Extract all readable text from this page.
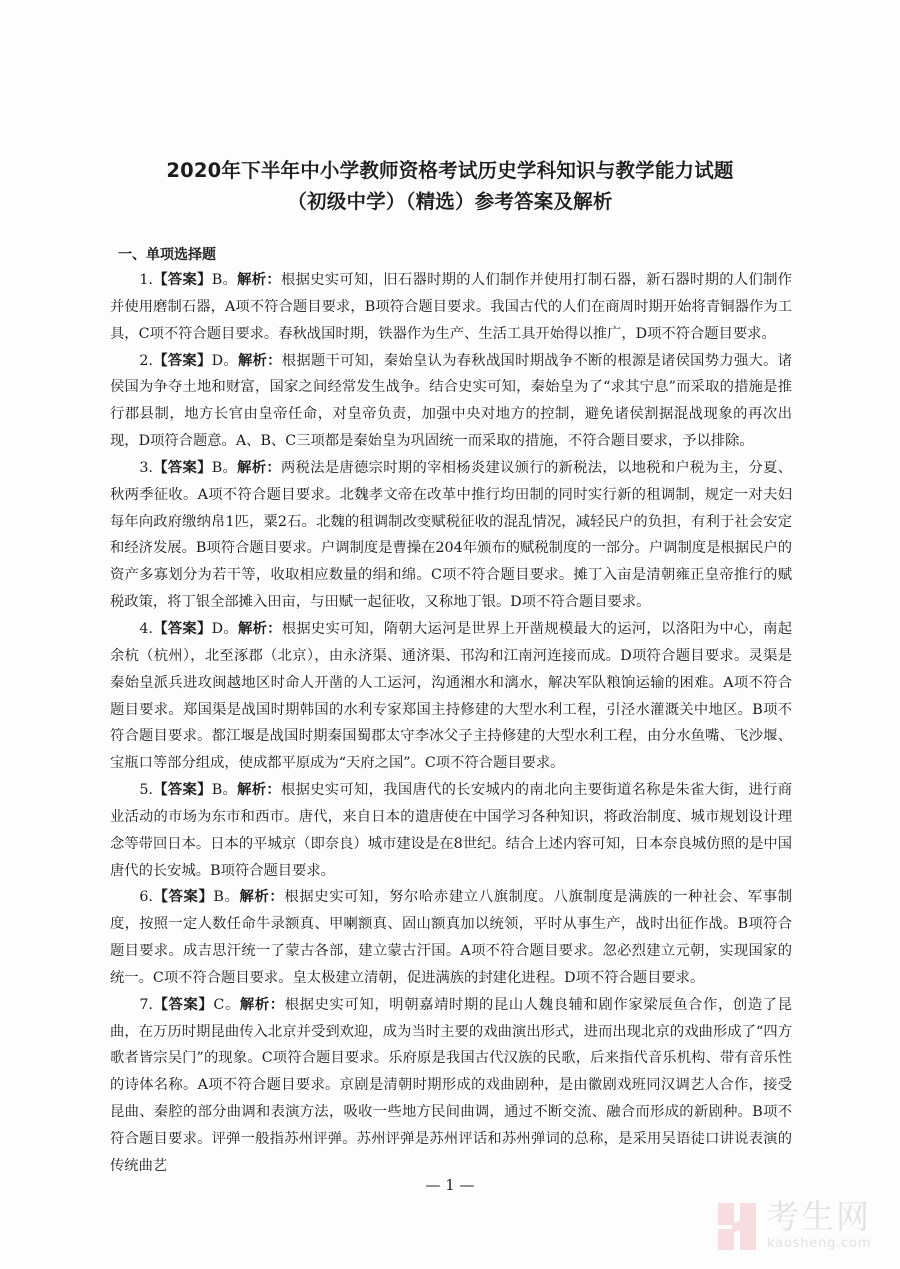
2020年下半年中小学教师资格考试历史学科知识与教学能力试题
（初级中学）（精选）参考答案及解析
一、单项选择题

1.【答案】B。解析：根据史实可知，旧石器时期的人们制作并使用打制石器，新石器时期的人们制作并使用磨制石器，A项不符合题目要求，B项符合题目要求。我国古代的人们在商周时期开始将青铜器作为工具，C项不符合题目要求。春秋战国时期，铁器作为生产、生活工具开始得以推广，D项不符合题目要求。

2.【答案】D。解析：根据题干可知，秦始皇认为春秋战国时期战争不断的根源是诸侯国势力强大。诸侯国为争夺土地和财富，国家之间经常发生战争。结合史实可知，秦始皇为了“求其宁息”而采取的措施是推行郡县制，地方长官由皇帝任命，对皇帝负责，加强中央对地方的控制，避免诸侯割据混战现象的再次出现，D项符合题意。A、B、C三项都是秦始皇为巩固统一而采取的措施，不符合题目要求，予以排除。

3.【答案】B。解析：两税法是唐德宗时期的宰相杨炎建议颁行的新税法，以地税和户税为主，分夏、秋两季征收。A项不符合题目要求。北魏孝文帝在改革中推行均田制的同时实行新的租调制，规定一对夫妇每年向政府缴纳帛1匹，粟2石。北魏的租调制改变赋税征收的混乱情况，减轻民户的负担，有利于社会安定和经济发展。B项符合题目要求。户调制度是曹操在204年颁布的赋税制度的一部分。户调制度是根据民户的资产多寡划分为若干等，收取相应数量的绢和绵。C项不符合题目要求。摊丁入亩是清朝雍正皇帝推行的赋税政策，将丁银全部摊入田亩，与田赋一起征收，又称地丁银。D项不符合题目要求。

4.【答案】D。解析：根据史实可知，隋朝大运河是世界上开凿规模最大的运河，以洛阳为中心，南起余杭（杭州），北至涿郡（北京），由永济渠、通济渠、邗沟和江南河连接而成。D项符合题目要求。灵渠是秦始皇派兵进攻闽越地区时命人开凿的人工运河，沟通湘水和漓水，解决军队粮饷运输的困难。A项不符合题目要求。郑国渠是战国时期韩国的水利专家郑国主持修建的大型水利工程，引泾水灌溉关中地区。B项不符合题目要求。都江堰是战国时期秦国蜀郡太守李冰父子主持修建的大型水利工程，由分水鱼嘴、飞沙堰、宝瓶口等部分组成，使成都平原成为“天府之国”。C项不符合题目要求。

5.【答案】B。解析：根据史实可知，我国唐代的长安城内的南北向主要街道名称是朱雀大街，进行商业活动的市场为东市和西市。唐代，来自日本的遣唐使在中国学习各种知识，将政治制度、城市规划设计理念等带回日本。日本的平城京（即奈良）城市建设是在8世纪。结合上述内容可知，日本奈良城仿照的是中国唐代的长安城。B项符合题目要求。

6.【答案】B。解析：根据史实可知，努尔哈赤建立八旗制度。八旗制度是满族的一种社会、军事制度，按照一定人数任命牛录额真、甲喇额真、固山额真加以统领，平时从事生产，战时出征作战。B项符合题目要求。成吉思汗统一了蒙古各部，建立蒙古汗国。A项不符合题目要求。忽必烈建立元朝，实现国家的统一。C项不符合题目要求。皇太极建立清朝，促进满族的封建化进程。D项不符合题目要求。

7.【答案】C。解析：根据史实可知，明朝嘉靖时期的昆山人魏良辅和剧作家梁辰鱼合作，创造了昆曲，在万历时期昆曲传入北京并受到欢迎，成为当时主要的戏曲演出形式，进而出现北京的戏曲形成了“四方歌者皆宗吴门”的现象。C项符合题目要求。乐府原是我国古代汉族的民歌，后来指代音乐机构、带有音乐性的诗体名称。A项不符合题目要求。京剧是清朝时期形成的戏曲剧种，是由徽剧戏班同汉调艺人合作，接受昆曲、秦腔的部分曲调和表演方法，吸收一些地方民间曲调，通过不断交流、融合而形成的新剧种。B项不符合题目要求。评弹一般指苏州评弹。苏州评弹是苏州评话和苏州弹词的总称，是采用吴语徒口讲说表演的传统曲艺

— 1 —
考生网
kaosheng.com
